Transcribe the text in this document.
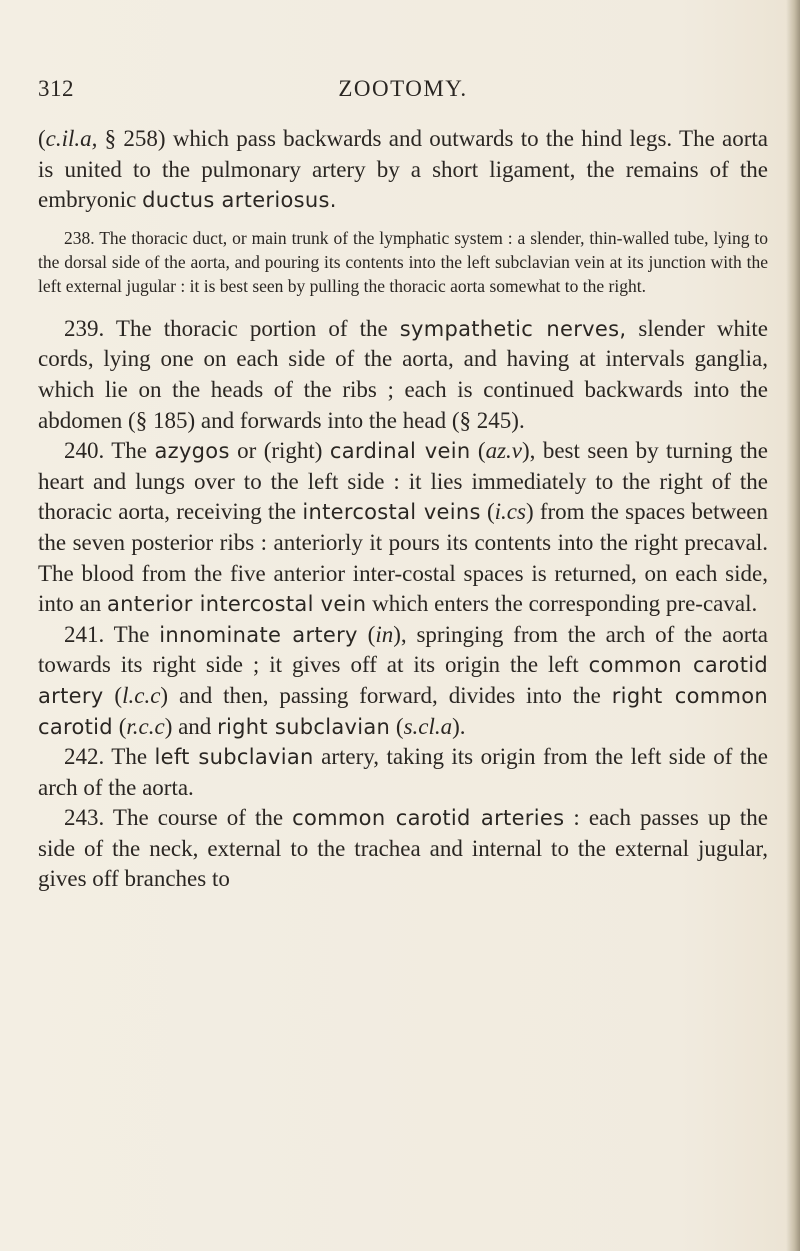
312	ZOOTOMY.

(c.il.a, § 258) which pass backwards and outwards to the hind legs. The aorta is united to the pulmonary artery by a short ligament, the remains of the embryonic ductus arteriosus.

238. The thoracic duct, or main trunk of the lymphatic system : a slender, thin-walled tube, lying to the dorsal side of the aorta, and pouring its contents into the left subclavian vein at its junction with the left external jugular : it is best seen by pulling the thoracic aorta somewhat to the right.

239. The thoracic portion of the sympathetic nerves, slender white cords, lying one on each side of the aorta, and having at intervals ganglia, which lie on the heads of the ribs ; each is continued backwards into the abdomen (§ 185) and forwards into the head (§ 245).

240. The azygos or (right) cardinal vein (az.v), best seen by turning the heart and lungs over to the left side : it lies immediately to the right of the thoracic aorta, receiving the intercostal veins (i.cs) from the spaces between the seven posterior ribs : anteriorly it pours its contents into the right precaval. The blood from the five anterior inter-costal spaces is returned, on each side, into an anterior intercostal vein which enters the corresponding pre-caval.

241. The innominate artery (in), springing from the arch of the aorta towards its right side ; it gives off at its origin the left common carotid artery (l.c.c) and then, passing forward, divides into the right common carotid (r.c.c) and right subclavian (s.cl.a).

242. The left subclavian artery, taking its origin from the left side of the arch of the aorta.

243. The course of the common carotid arteries : each passes up the side of the neck, external to the trachea and internal to the external jugular, gives off branches to
